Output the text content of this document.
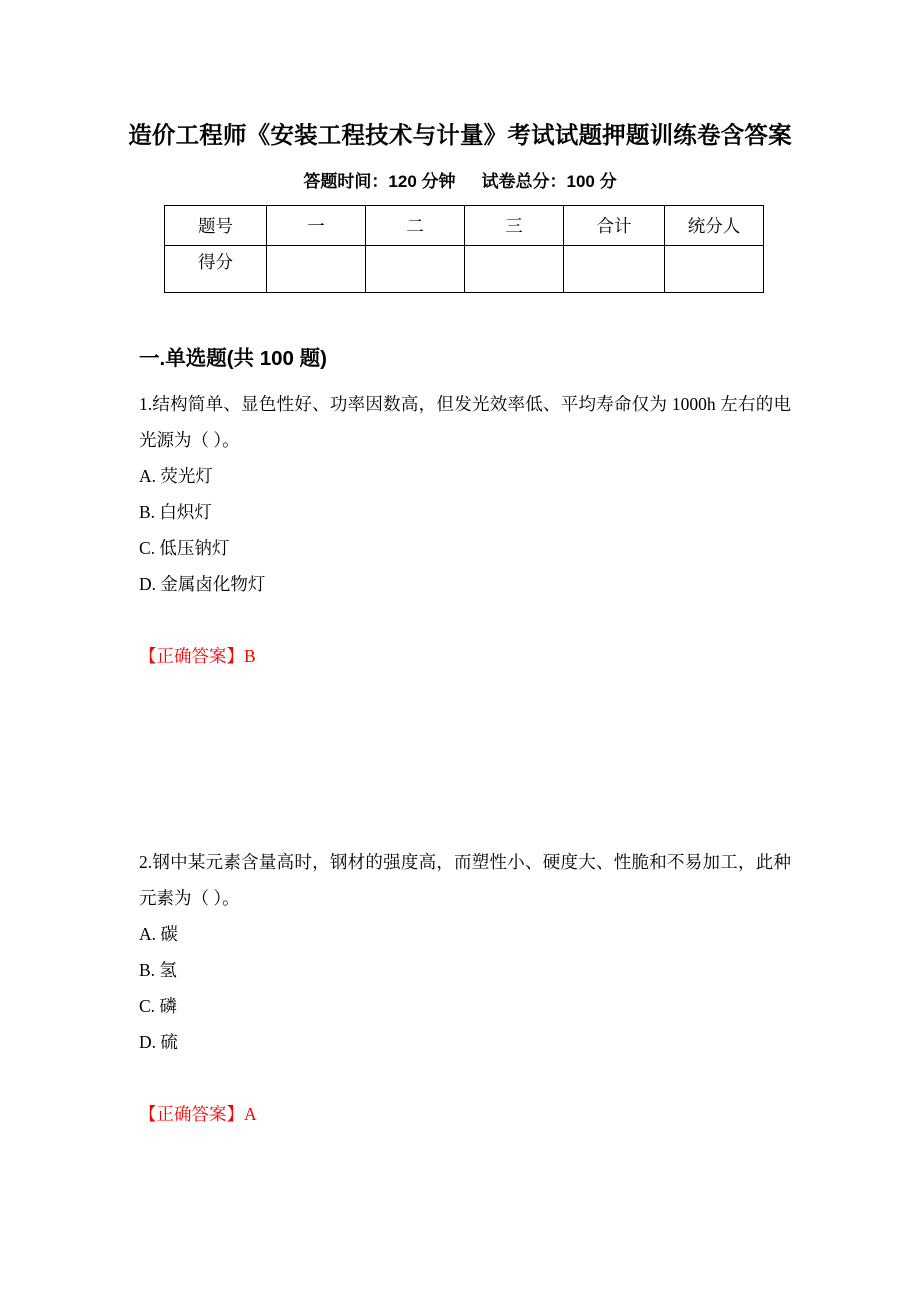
造价工程师《安装工程技术与计量》考试试题押题训练卷含答案
答题时间：120 分钟 试卷总分：100 分
题号	一	二	三	合计	统分人
得分					
一.单选题(共 100 题)

1.结构简单、显色性好、功率因数高，但发光效率低、平均寿命仅为 1000h 左右的电光源为（ ）。

A. 荧光灯
B. 白炽灯
C. 低压钠灯
D. 金属卤化物灯

【正确答案】B

2.钢中某元素含量高时，钢材的强度高，而塑性小、硬度大、性脆和不易加工，此种元素为（ ）。

A. 碳
B. 氢
C. 磷
D. 硫

【正确答案】A
